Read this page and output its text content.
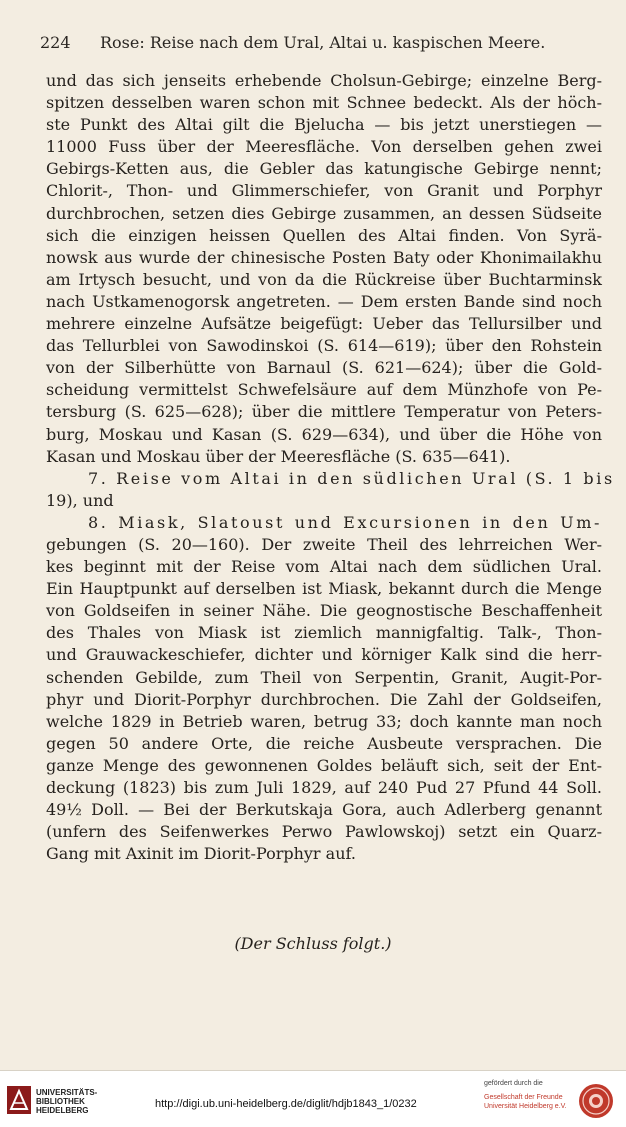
224 Rose: Reise nach dem Ural, Altai u. kaspischen Meere.
und das sich jenseits erhebende Cholsun-Gebirge; einzelne Berg-
spitzen desselben waren schon mit Schnee bedeckt. Als der höch-
ste Punkt des Altai gilt die Bjelucha — bis jetzt unerstiegen —
11000 Fuss über der Meeresfläche. Von derselben gehen zwei
Gebirgs-Ketten aus, die Gebler das katungische Gebirge nennt;
Chlorit-, Thon- und Glimmerschiefer, von Granit und Porphyr
durchbrochen, setzen dies Gebirge zusammen, an dessen Südseite
sich die einzigen heissen Quellen des Altai finden. Von Syrä-
nowsk aus wurde der chinesische Posten Baty oder Khonimailakhu
am Irtysch besucht, und von da die Rückreise über Buchtarminsk
nach Ustkamenogorsk angetreten. — Dem ersten Bande sind noch
mehrere einzelne Aufsätze beigefügt: Ueber das Tellursilber und
das Tellurblei von Sawodinskoi (S. 614—619); über den Rohstein
von der Silberhütte von Barnaul (S. 621—624); über die Gold-
scheidung vermittelst Schwefelsäure auf dem Münzhofe von Pe-
tersburg (S. 625—628); über die mittlere Temperatur von Peters-
burg, Moskau und Kasan (S. 629—634), und über die Höhe von
Kasan und Moskau über der Meeresfläche (S. 635—641).
7. Reise vom Altai in den südlichen Ural (S. 1 bis
19), und
8. Miask, Slatoust und Excursionen in den Um-
gebungen (S. 20—160). Der zweite Theil des lehrreichen Wer-
kes beginnt mit der Reise vom Altai nach dem südlichen Ural.
Ein Hauptpunkt auf derselben ist Miask, bekannt durch die Menge
von Goldseifen in seiner Nähe. Die geognostische Beschaffenheit
des Thales von Miask ist ziemlich mannigfaltig. Talk-, Thon-
und Grauwackeschiefer, dichter und körniger Kalk sind die herr-
schenden Gebilde, zum Theil von Serpentin, Granit, Augit-Por-
phyr und Diorit-Porphyr durchbrochen. Die Zahl der Goldseifen,
welche 1829 in Betrieb waren, betrug 33; doch kannte man noch
gegen 50 andere Orte, die reiche Ausbeute versprachen. Die
ganze Menge des gewonnenen Goldes beläuft sich, seit der Ent-
deckung (1823) bis zum Juli 1829, auf 240 Pud 27 Pfund 44 Soll.
49½ Doll. — Bei der Berkutskaja Gora, auch Adlerberg genannt
(unfern des Seifenwerkes Perwo Pawlowskoj) setzt ein Quarz-
Gang mit Axinit im Diorit-Porphyr auf.
(Der Schluss folgt.)
UNIVERSITÄTS-BIBLIOTHEK HEIDELBERG
http://digi.ub.uni-heidelberg.de/diglit/hdjb1843_1/0232
gefördert durch die
Gesellschaft der Freunde Universität Heidelberg e.V.
